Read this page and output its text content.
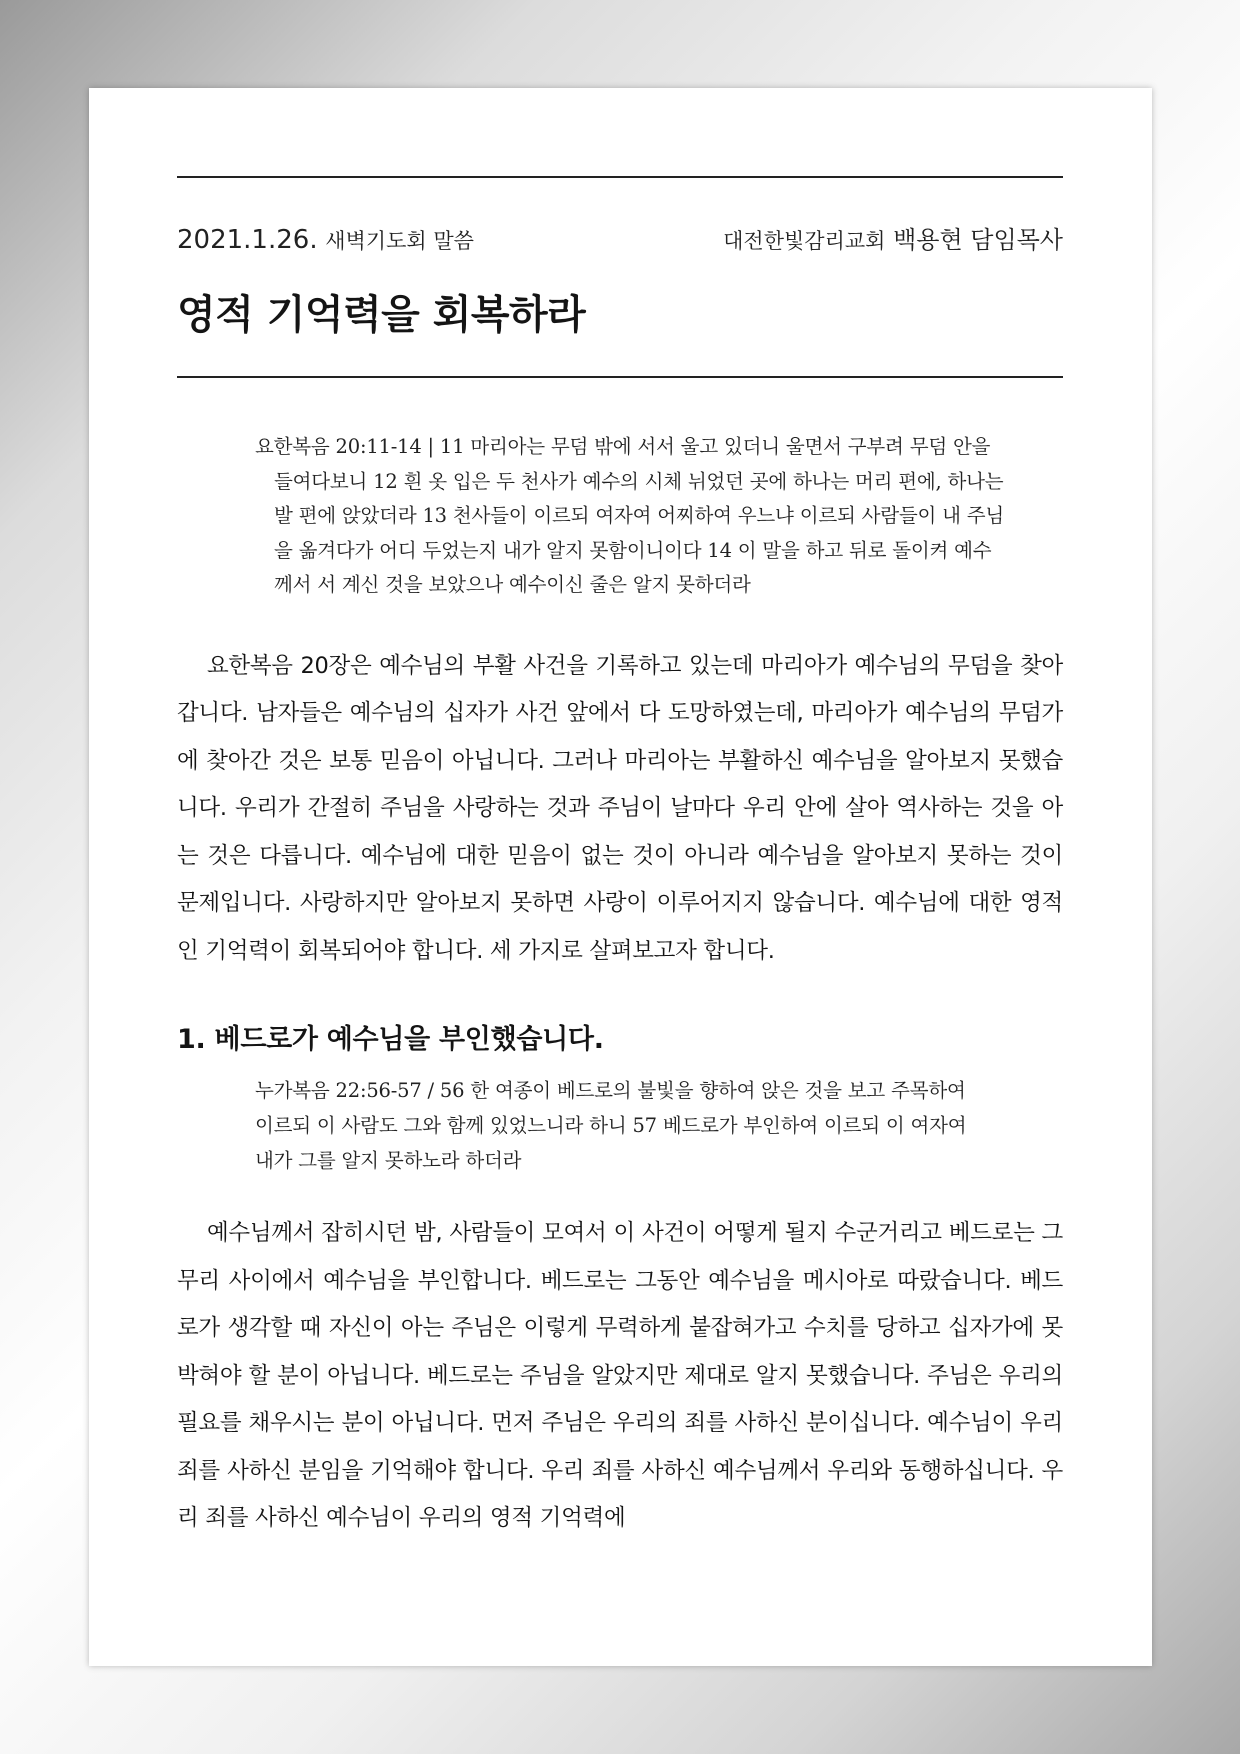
2021.1.26. 새벽기도회 말씀	대전한빛감리교회 백용현 담임목사
영적 기억력을 회복하라
요한복음 20:11-14 | 11 마리아는 무덤 밖에 서서 울고 있더니 울면서 구부려 무덤 안을 들여다보니 12 흰 옷 입은 두 천사가 예수의 시체 뉘었던 곳에 하나는 머리 편에, 하나는 발 편에 앉았더라 13 천사들이 이르되 여자여 어찌하여 우느냐 이르되 사람들이 내 주님을 옮겨다가 어디 두었는지 내가 알지 못함이니이다 14 이 말을 하고 뒤로 돌이켜 예수께서 서 계신 것을 보았으나 예수이신 줄은 알지 못하더라
요한복음 20장은 예수님의 부활 사건을 기록하고 있는데 마리아가 예수님의 무덤을 찾아갑니다. 남자들은 예수님의 십자가 사건 앞에서 다 도망하였는데, 마리아가 예수님의 무덤가에 찾아간 것은 보통 믿음이 아닙니다. 그러나 마리아는 부활하신 예수님을 알아보지 못했습니다. 우리가 간절히 주님을 사랑하는 것과 주님이 날마다 우리 안에 살아 역사하는 것을 아는 것은 다릅니다. 예수님에 대한 믿음이 없는 것이 아니라 예수님을 알아보지 못하는 것이 문제입니다. 사랑하지만 알아보지 못하면 사랑이 이루어지지 않습니다. 예수님에 대한 영적인 기억력이 회복되어야 합니다. 세 가지로 살펴보고자 합니다.
1. 베드로가 예수님을 부인했습니다.
누가복음 22:56-57 / 56 한 여종이 베드로의 불빛을 향하여 앉은 것을 보고 주목하여 이르되 이 사람도 그와 함께 있었느니라 하니 57 베드로가 부인하여 이르되 이 여자여 내가 그를 알지 못하노라 하더라
예수님께서 잡히시던 밤, 사람들이 모여서 이 사건이 어떻게 될지 수군거리고 베드로는 그 무리 사이에서 예수님을 부인합니다. 베드로는 그동안 예수님을 메시아로 따랐습니다. 베드로가 생각할 때 자신이 아는 주님은 이렇게 무력하게 붙잡혀가고 수치를 당하고 십자가에 못 박혀야 할 분이 아닙니다. 베드로는 주님을 알았지만 제대로 알지 못했습니다. 주님은 우리의 필요를 채우시는 분이 아닙니다. 먼저 주님은 우리의 죄를 사하신 분이십니다. 예수님이 우리 죄를 사하신 분임을 기억해야 합니다. 우리 죄를 사하신 예수님께서 우리와 동행하십니다. 우리 죄를 사하신 예수님이 우리의 영적 기억력에
